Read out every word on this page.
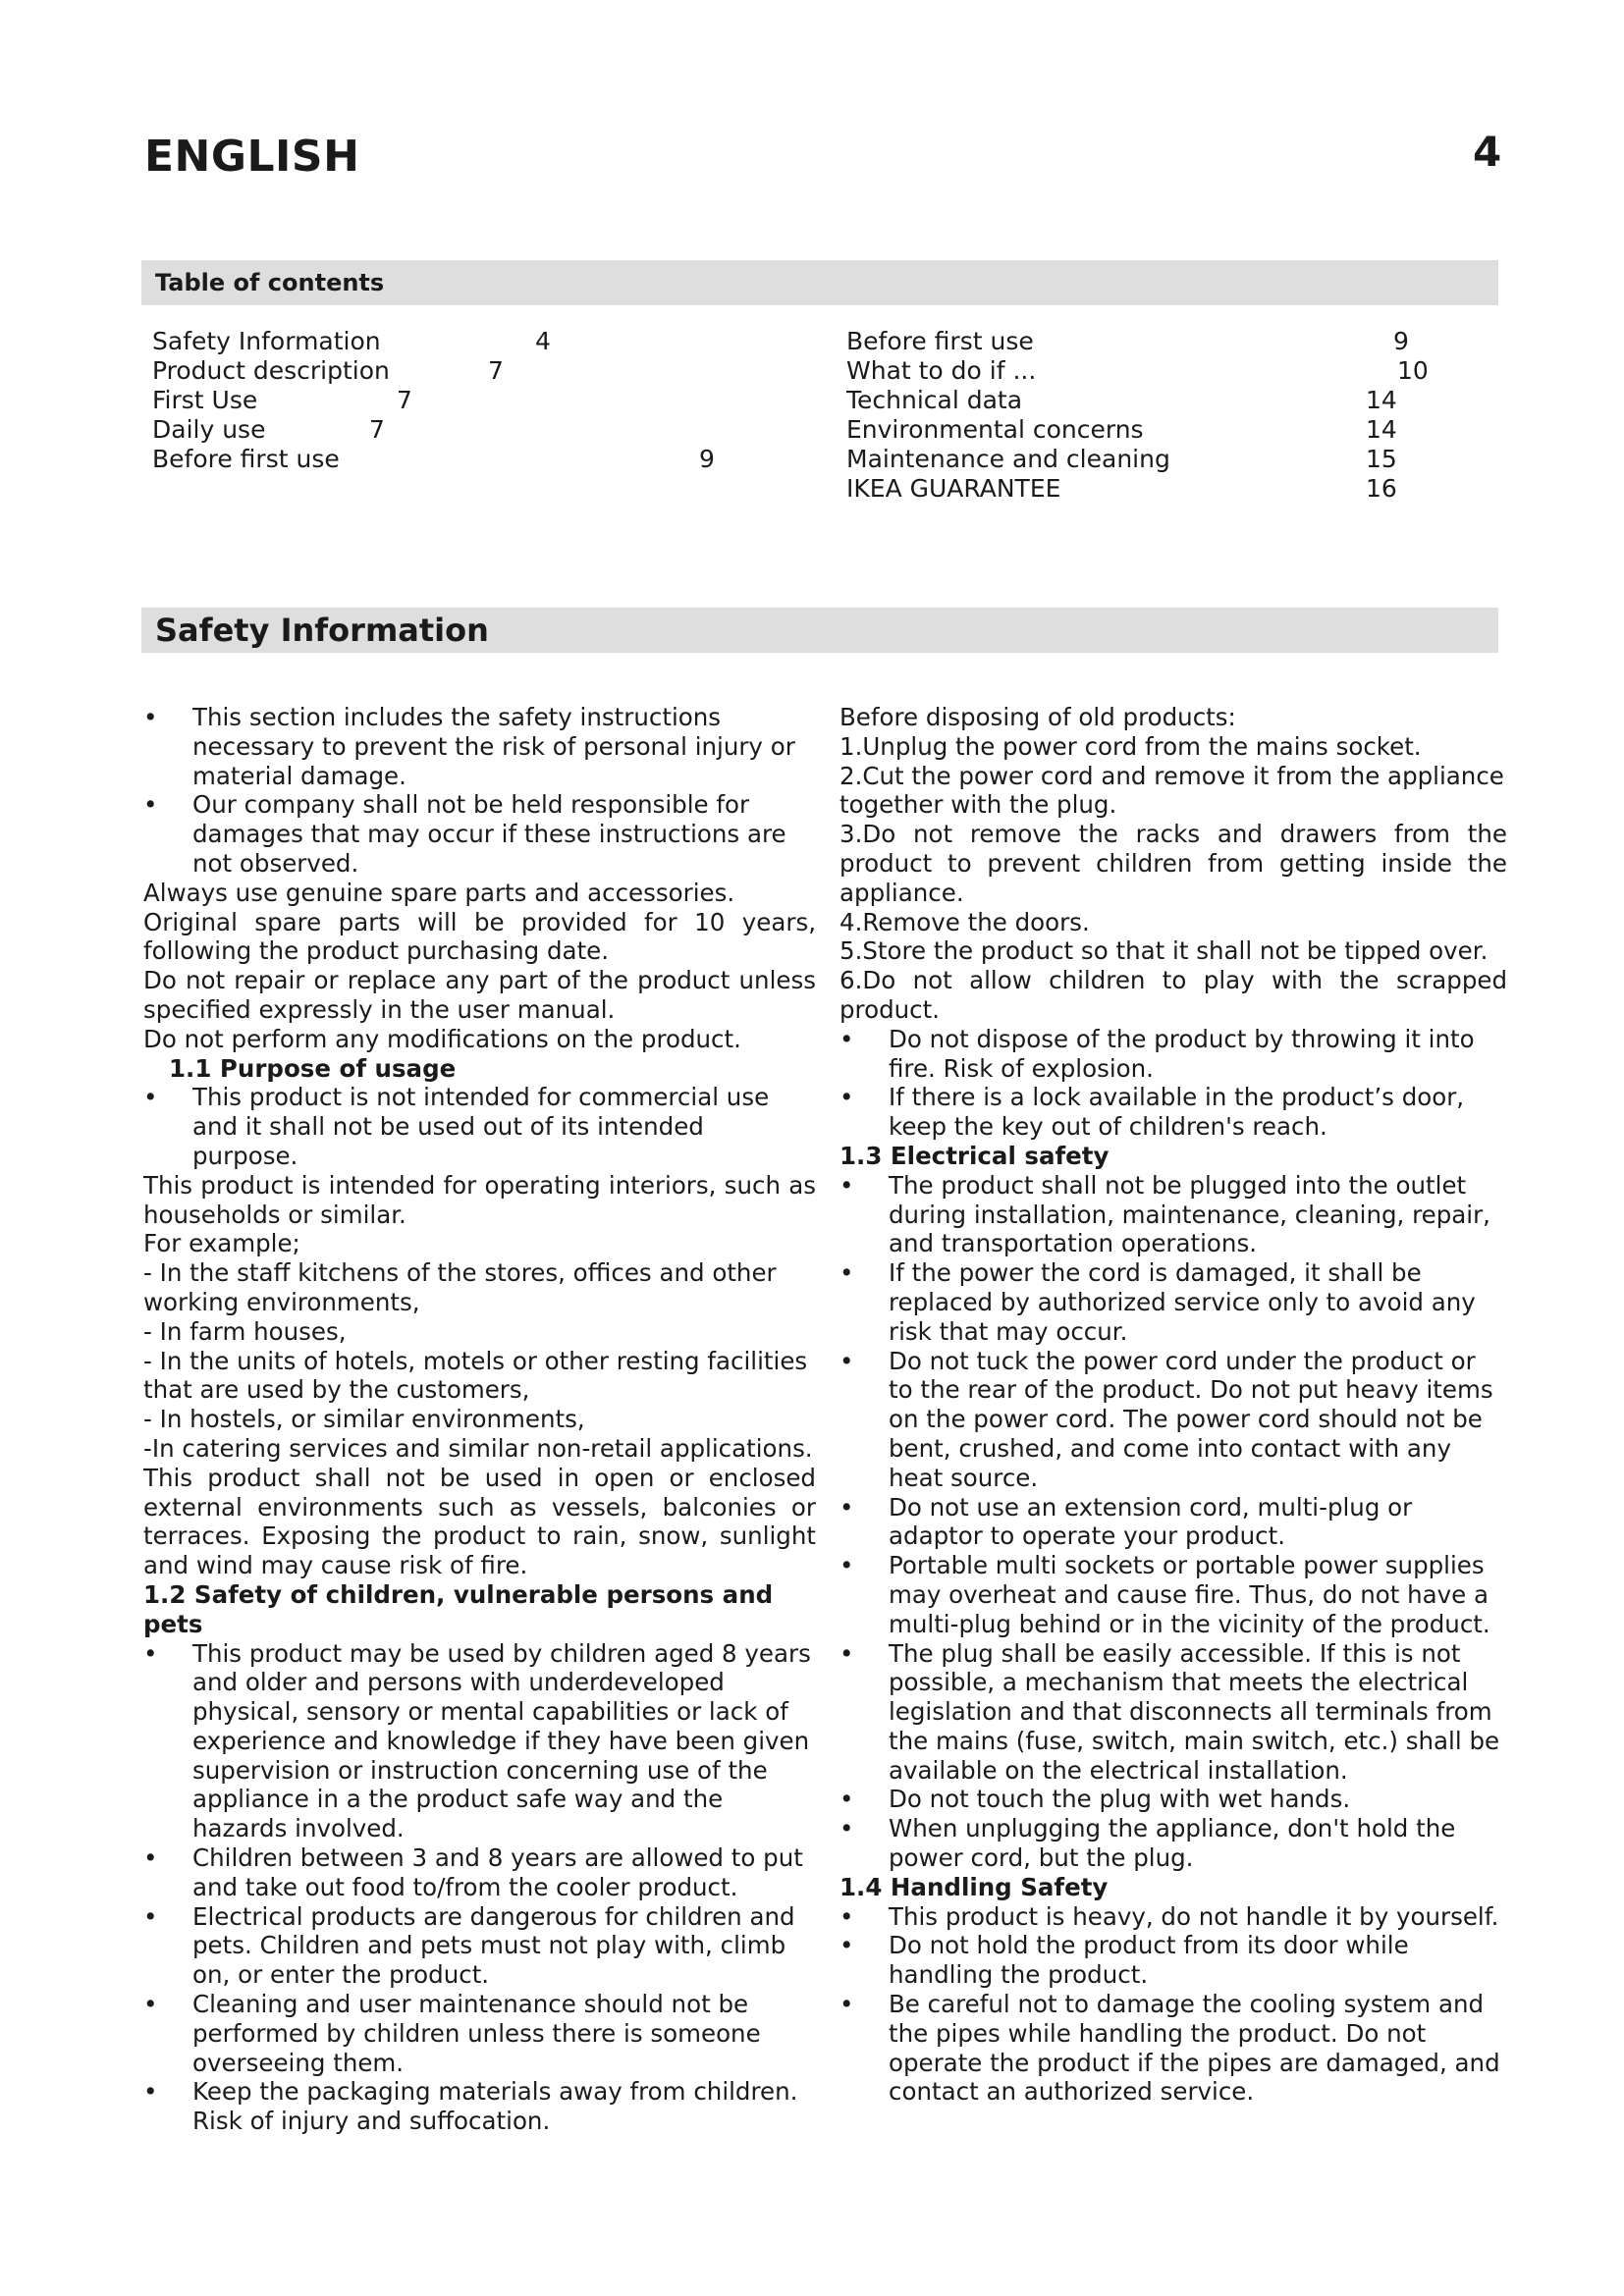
ENGLISH	4
Table of contents
Safety Information	4
Product description	7
First Use	7
Daily use	7
Before first use	9
Before first use	9
What to do if ...	10
Technical data	14
Environmental concerns	14
Maintenance and cleaning	15
IKEA GUARANTEE	16
Safety Information

• This section includes the safety instructions necessary to prevent the risk of personal injury or material damage.

• Our company shall not be held responsible for damages that may occur if these instructions are not observed.

Always use genuine spare parts and accessories.

Original spare parts will be provided for 10 years, following the product purchasing date.

Do not repair or replace any part of the product unless specified expressly in the user manual.

Do not perform any modifications on the product.

1.1 Purpose of usage

• This product is not intended for commercial use and it shall not be used out of its intended purpose.

This product is intended for operating interiors, such as households or similar.

For example;

- In the staff kitchens of the stores, offices and other working environments,

- In farm houses,

- In the units of hotels, motels or other resting facilities that are used by the customers,

- In hostels, or similar environments,

-In catering services and similar non-retail applications.

This product shall not be used in open or enclosed external environments such as vessels, balconies or terraces. Exposing the product to rain, snow, sunlight and wind may cause risk of fire.

1.2 Safety of children, vulnerable persons and pets

• This product may be used by children aged 8 years and older and persons with underdeveloped physical, sensory or mental capabilities or lack of experience and knowledge if they have been given supervision or instruction concerning use of the appliance in a the product safe way and the hazards involved.

• Children between 3 and 8 years are allowed to put and take out food to/from the cooler product.

• Electrical products are dangerous for children and pets. Children and pets must not play with, climb on, or enter the product.

• Cleaning and user maintenance should not be performed by children unless there is someone overseeing them.

• Keep the packaging materials away from children. Risk of injury and suffocation.

Before disposing of old products:

1.Unplug the power cord from the mains socket.

2.Cut the power cord and remove it from the appliance together with the plug.

3.Do not remove the racks and drawers from the product to prevent children from getting inside the appliance.

4.Remove the doors.

5.Store the product so that it shall not be tipped over.

6.Do not allow children to play with the scrapped product.

• Do not dispose of the product by throwing it into fire. Risk of explosion.

• If there is a lock available in the product’s door, keep the key out of children's reach.

1.3 Electrical safety

• The product shall not be plugged into the outlet during installation, maintenance, cleaning, repair, and transportation operations.

• If the power the cord is damaged, it shall be replaced by authorized service only to avoid any risk that may occur.

• Do not tuck the power cord under the product or to the rear of the product. Do not put heavy items on the power cord. The power cord should not be bent, crushed, and come into contact with any heat source.

• Do not use an extension cord, multi-plug or adaptor to operate your product.

• Portable multi sockets or portable power supplies may overheat and cause fire. Thus, do not have a multi-plug behind or in the vicinity of the product.

• The plug shall be easily accessible. If this is not possible, a mechanism that meets the electrical legislation and that disconnects all terminals from the mains (fuse, switch, main switch, etc.) shall be available on the electrical installation.

• Do not touch the plug with wet hands.

• When unplugging the appliance, don't hold the power cord, but the plug.

1.4 Handling Safety

• This product is heavy, do not handle it by yourself.

• Do not hold the product from its door while handling the product.

• Be careful not to damage the cooling system and the pipes while handling the product. Do not operate the product if the pipes are damaged, and contact an authorized service.
